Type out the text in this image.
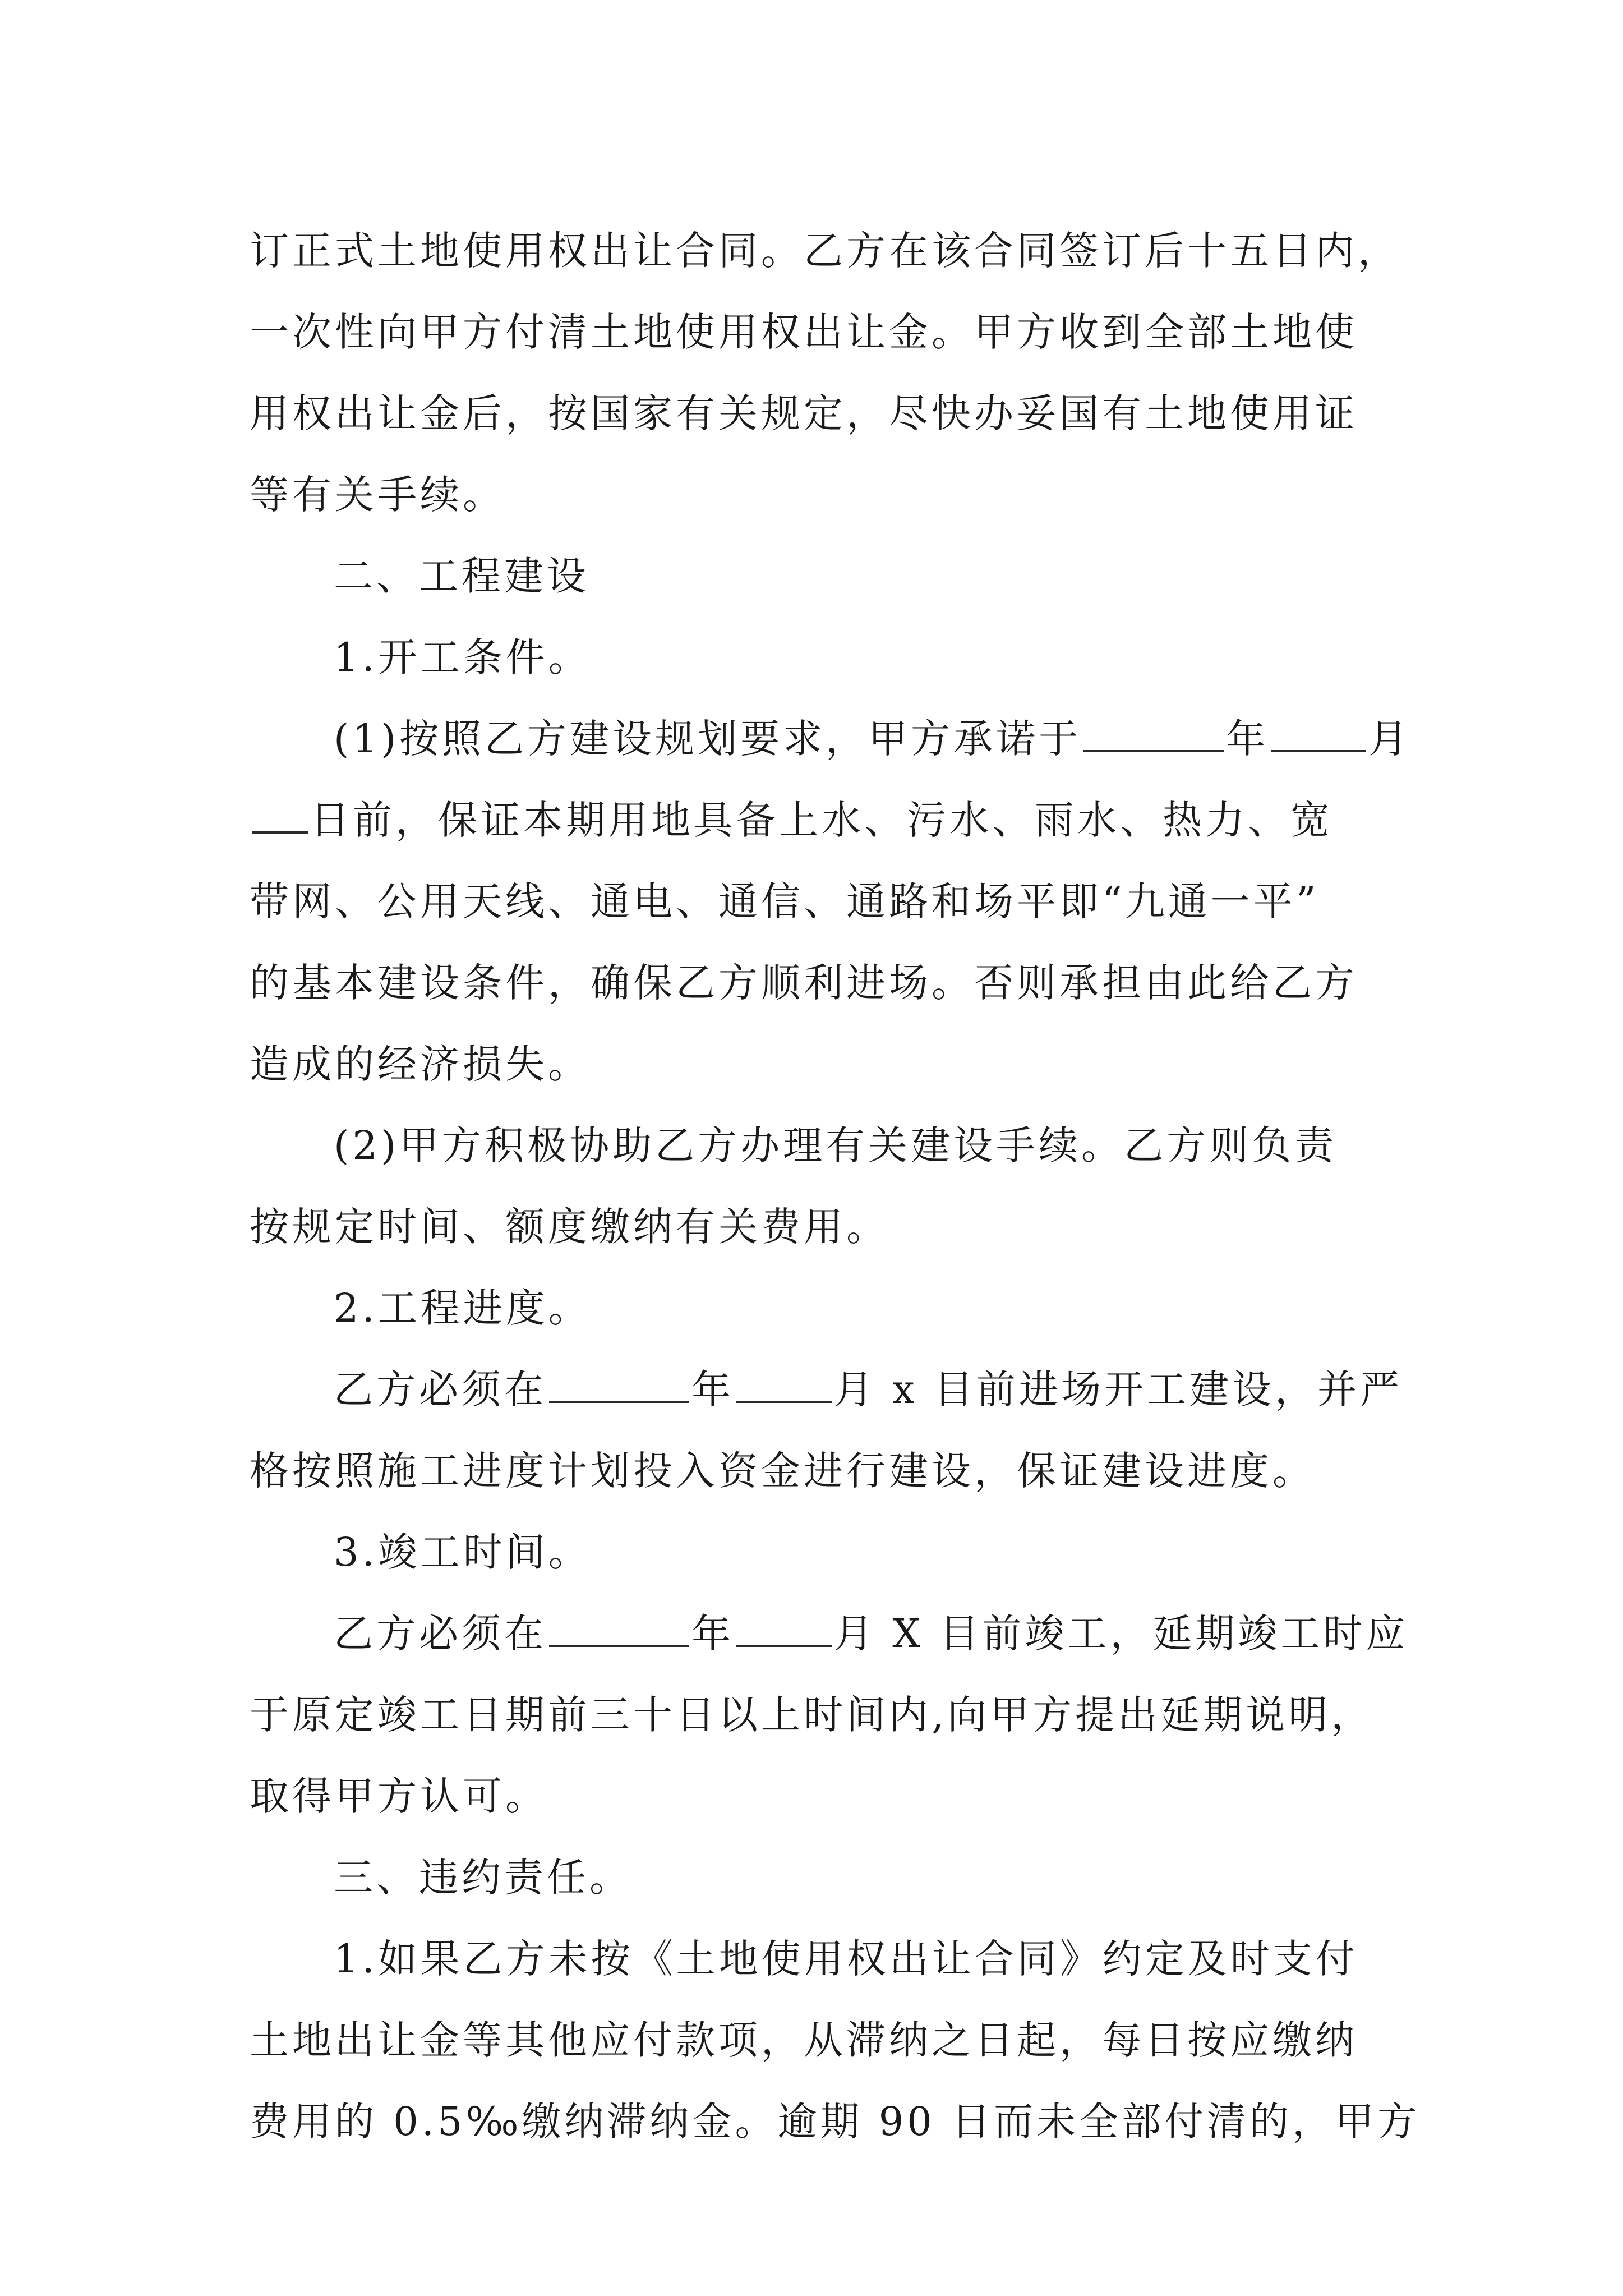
订正式土地使用权出让合同。乙方在该合同签订后十五日内，
一次性向甲方付清土地使用权出让金。甲方收到全部土地使
用权出让金后，按国家有关规定，尽快办妥国有土地使用证
等有关手续。
二、工程建设
1.开工条件。
(1)按照乙方建设规划要求，甲方承诺于	年	月
日前，保证本期用地具备上水、污水、雨水、热力、宽
带网、公用天线、通电、通信、通路和场平即“九通一平”
的基本建设条件，确保乙方顺利进场。否则承担由此给乙方
造成的经济损失。
(2)甲方积极协助乙方办理有关建设手续。乙方则负责
按规定时间、额度缴纳有关费用。
2.工程进度。
乙方必须在	年	月 x 目前进场开工建设，并严
格按照施工进度计划投入资金进行建设，保证建设进度。
3.竣工时间。
乙方必须在	年	月 X 目前竣工，延期竣工时应
于原定竣工日期前三十日以上时间内,向甲方提出延期说明，
取得甲方认可。
三、违约责任。
1.如果乙方未按《土地使用权出让合同》约定及时支付
土地出让金等其他应付款项，从滞纳之日起，每日按应缴纳
费用的 0.5‰缴纳滞纳金。逾期 90 日而未全部付清的，甲方
